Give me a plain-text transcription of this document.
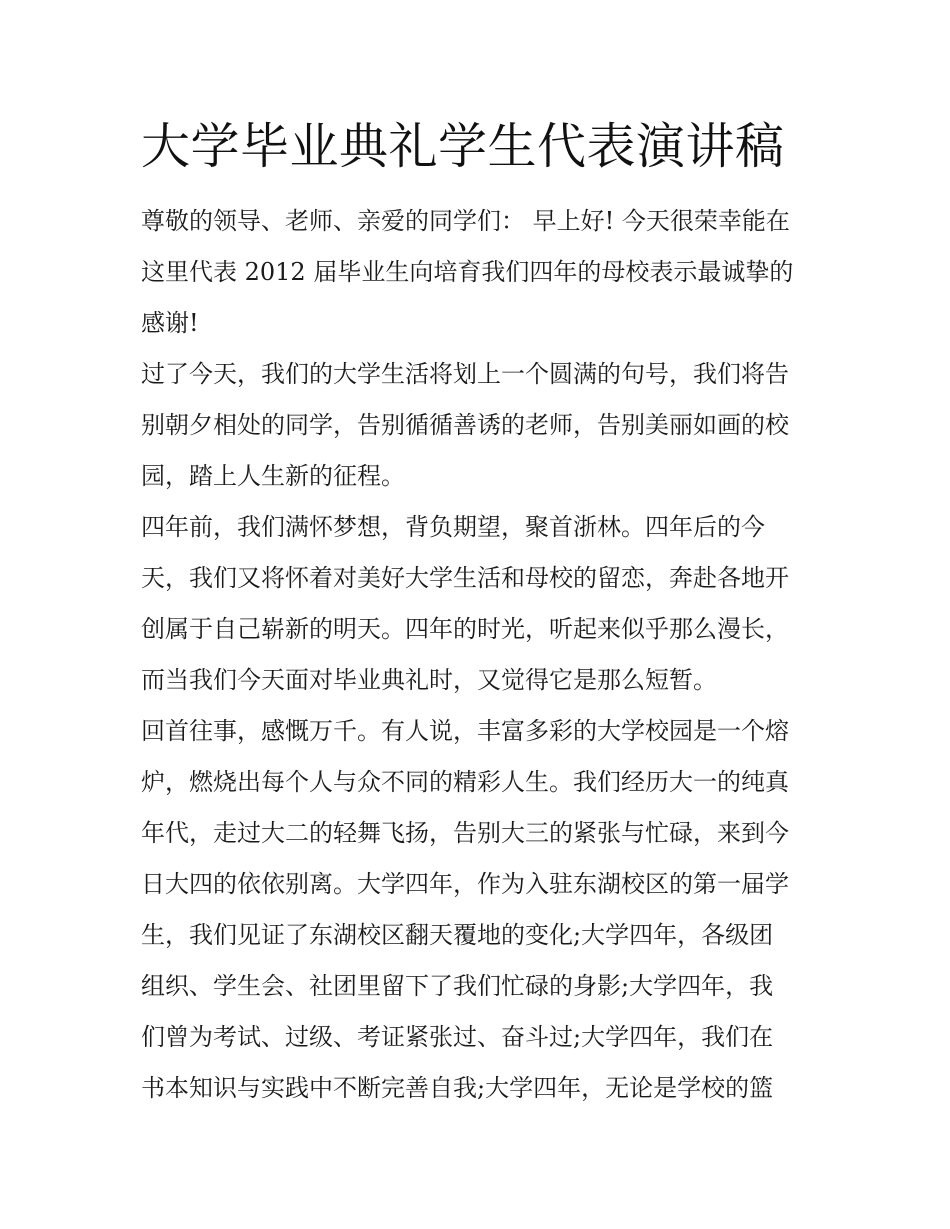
大学毕业典礼学生代表演讲稿
尊敬的领导、老师、亲爱的同学们： 早上好! 今天很荣幸能在
这里代表 2012 届毕业生向培育我们四年的母校表示最诚挚的
感谢!
过了今天，我们的大学生活将划上一个圆满的句号，我们将告
别朝夕相处的同学，告别循循善诱的老师，告别美丽如画的校
园，踏上人生新的征程。
四年前，我们满怀梦想，背负期望，聚首浙林。四年后的今
天，我们又将怀着对美好大学生活和母校的留恋，奔赴各地开
创属于自己崭新的明天。四年的时光，听起来似乎那么漫长，
而当我们今天面对毕业典礼时，又觉得它是那么短暂。
回首往事，感慨万千。有人说，丰富多彩的大学校园是一个熔
炉，燃烧出每个人与众不同的精彩人生。我们经历大一的纯真
年代，走过大二的轻舞飞扬，告别大三的紧张与忙碌，来到今
日大四的依依别离。大学四年，作为入驻东湖校区的第一届学
生，我们见证了东湖校区翻天覆地的变化;大学四年，各级团
组织、学生会、社团里留下了我们忙碌的身影;大学四年，我
们曾为考试、过级、考证紧张过、奋斗过;大学四年，我们在
书本知识与实践中不断完善自我;大学四年，无论是学校的篮
